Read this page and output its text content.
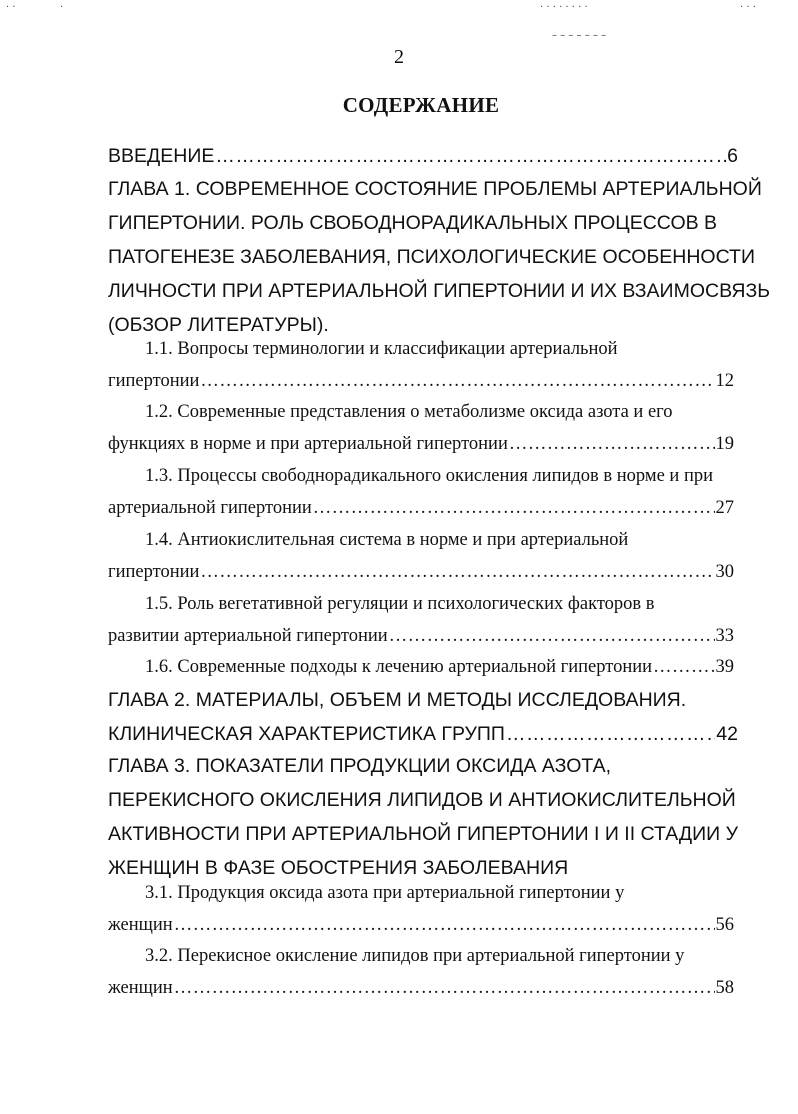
· ·	·	· · · · · · · ·	· · ·
– – – – – – –
2
СОДЕРЖАНИЕ
ВВЕДЕНИЕ ……………………………………………………………………………………………………………………………………………………	6
ГЛАВА 1. СОВРЕМЕННОЕ СОСТОЯНИЕ ПРОБЛЕМЫ АРТЕРИАЛЬНОЙ
ГИПЕРТОНИИ. РОЛЬ СВОБОДНОРАДИКАЛЬНЫХ ПРОЦЕССОВ В
ПАТОГЕНЕЗЕ ЗАБОЛЕВАНИЯ, ПСИХОЛОГИЧЕСКИЕ ОСОБЕННОСТИ
ЛИЧНОСТИ ПРИ АРТЕРИАЛЬНОЙ ГИПЕРТОНИИ И ИХ ВЗАИМОСВЯЗЬ
(ОБЗОР ЛИТЕРАТУРЫ).
1.1. Вопросы терминологии и классификации артериальной
гипертонии ……………………………………………………………………………………………………………………………………………………	12
1.2. Современные представления о метаболизме оксида азота и его
функциях в норме и при артериальной гипертонии ……………………………………………………………………………………………………………………………………………………	19
1.3. Процессы свободнорадикального окисления липидов в норме и при
артериальной гипертонии ……………………………………………………………………………………………………………………………………………………	27
1.4. Антиокислительная система в норме и при артериальной
гипертонии ……………………………………………………………………………………………………………………………………………………	30
1.5. Роль вегетативной регуляции и психологических факторов в
развитии артериальной гипертонии ……………………………………………………………………………………………………………………………………………………	33
1.6. Современные подходы к лечению артериальной гипертонии ……………………………………………………………………………………………………………………………………………………	39
ГЛАВА 2. МАТЕРИАЛЫ, ОБЪЕМ И МЕТОДЫ ИССЛЕДОВАНИЯ.
КЛИНИЧЕСКАЯ ХАРАКТЕРИСТИКА ГРУПП ……………………………………………………………………………………………………………………………………………………	42
ГЛАВА 3. ПОКАЗАТЕЛИ ПРОДУКЦИИ ОКСИДА АЗОТА,
ПЕРЕКИСНОГО ОКИСЛЕНИЯ ЛИПИДОВ И АНТИОКИСЛИТЕЛЬНОЙ
АКТИВНОСТИ ПРИ АРТЕРИАЛЬНОЙ ГИПЕРТОНИИ I И II СТАДИИ У
ЖЕНЩИН В ФАЗЕ ОБОСТРЕНИЯ ЗАБОЛЕВАНИЯ
3.1. Продукция оксида азота при артериальной гипертонии у
женщин ……………………………………………………………………………………………………………………………………………………	56
3.2. Перекисное окисление липидов при артериальной гипертонии у
женщин ……………………………………………………………………………………………………………………………………………………	58
